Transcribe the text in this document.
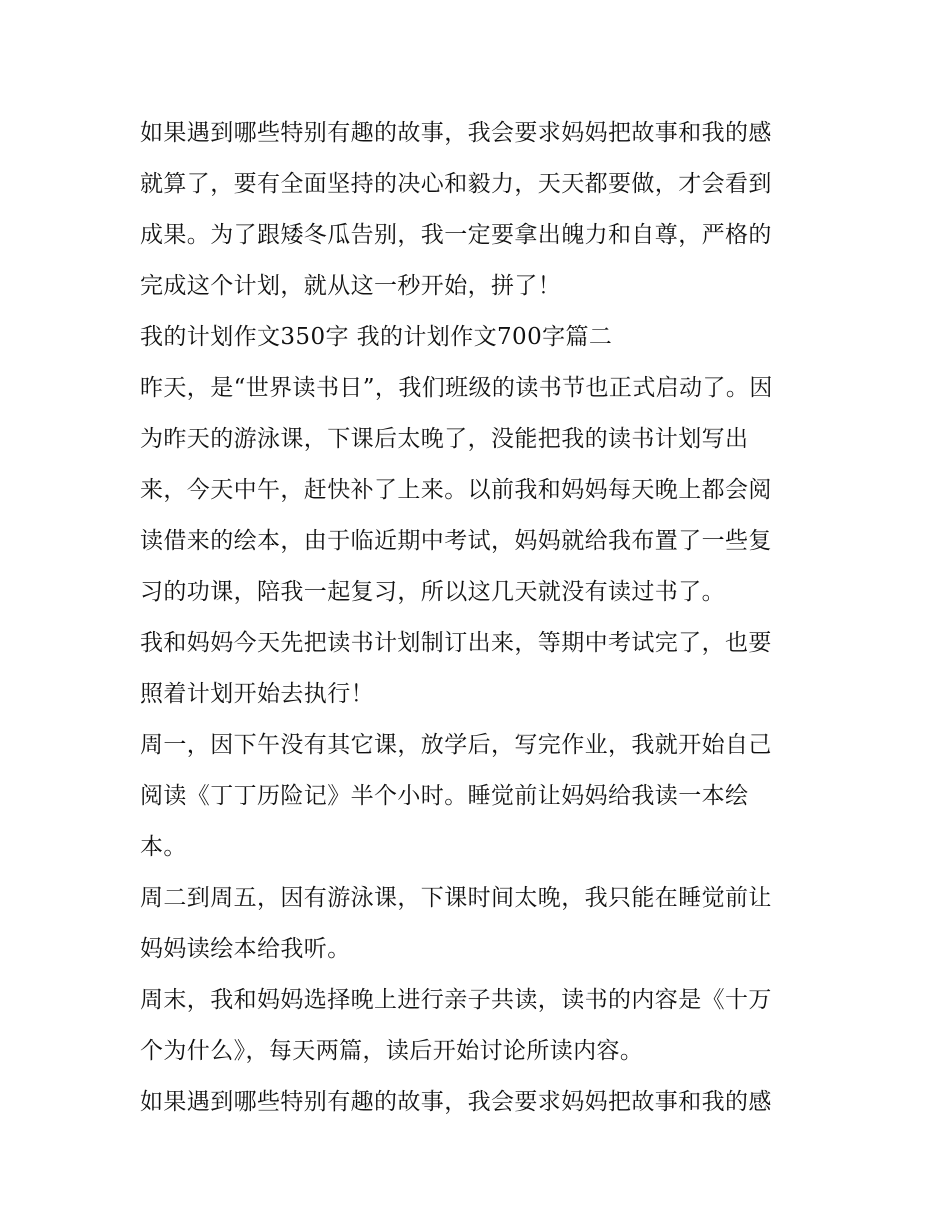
如果遇到哪些特别有趣的故事，我会要求妈妈把故事和我的感
就算了，要有全面坚持的决心和毅力，天天都要做，才会看到
成果。为了跟矮冬瓜告别，我一定要拿出魄力和自尊，严格的
完成这个计划，就从这一秒开始，拼了！
我的计划作文350字 我的计划作文700字篇二
昨天，是“世界读书日”，我们班级的读书节也正式启动了。因
为昨天的游泳课，下课后太晚了，没能把我的读书计划写出
来，今天中午，赶快补了上来。以前我和妈妈每天晚上都会阅
读借来的绘本，由于临近期中考试，妈妈就给我布置了一些复
习的功课，陪我一起复习，所以这几天就没有读过书了。
我和妈妈今天先把读书计划制订出来，等期中考试完了，也要
照着计划开始去执行！
周一，因下午没有其它课，放学后，写完作业，我就开始自己
阅读《丁丁历险记》半个小时。睡觉前让妈妈给我读一本绘
本。
周二到周五，因有游泳课，下课时间太晚，我只能在睡觉前让
妈妈读绘本给我听。
周末，我和妈妈选择晚上进行亲子共读，读书的内容是《十万
个为什么》，每天两篇，读后开始讨论所读内容。
如果遇到哪些特别有趣的故事，我会要求妈妈把故事和我的感
